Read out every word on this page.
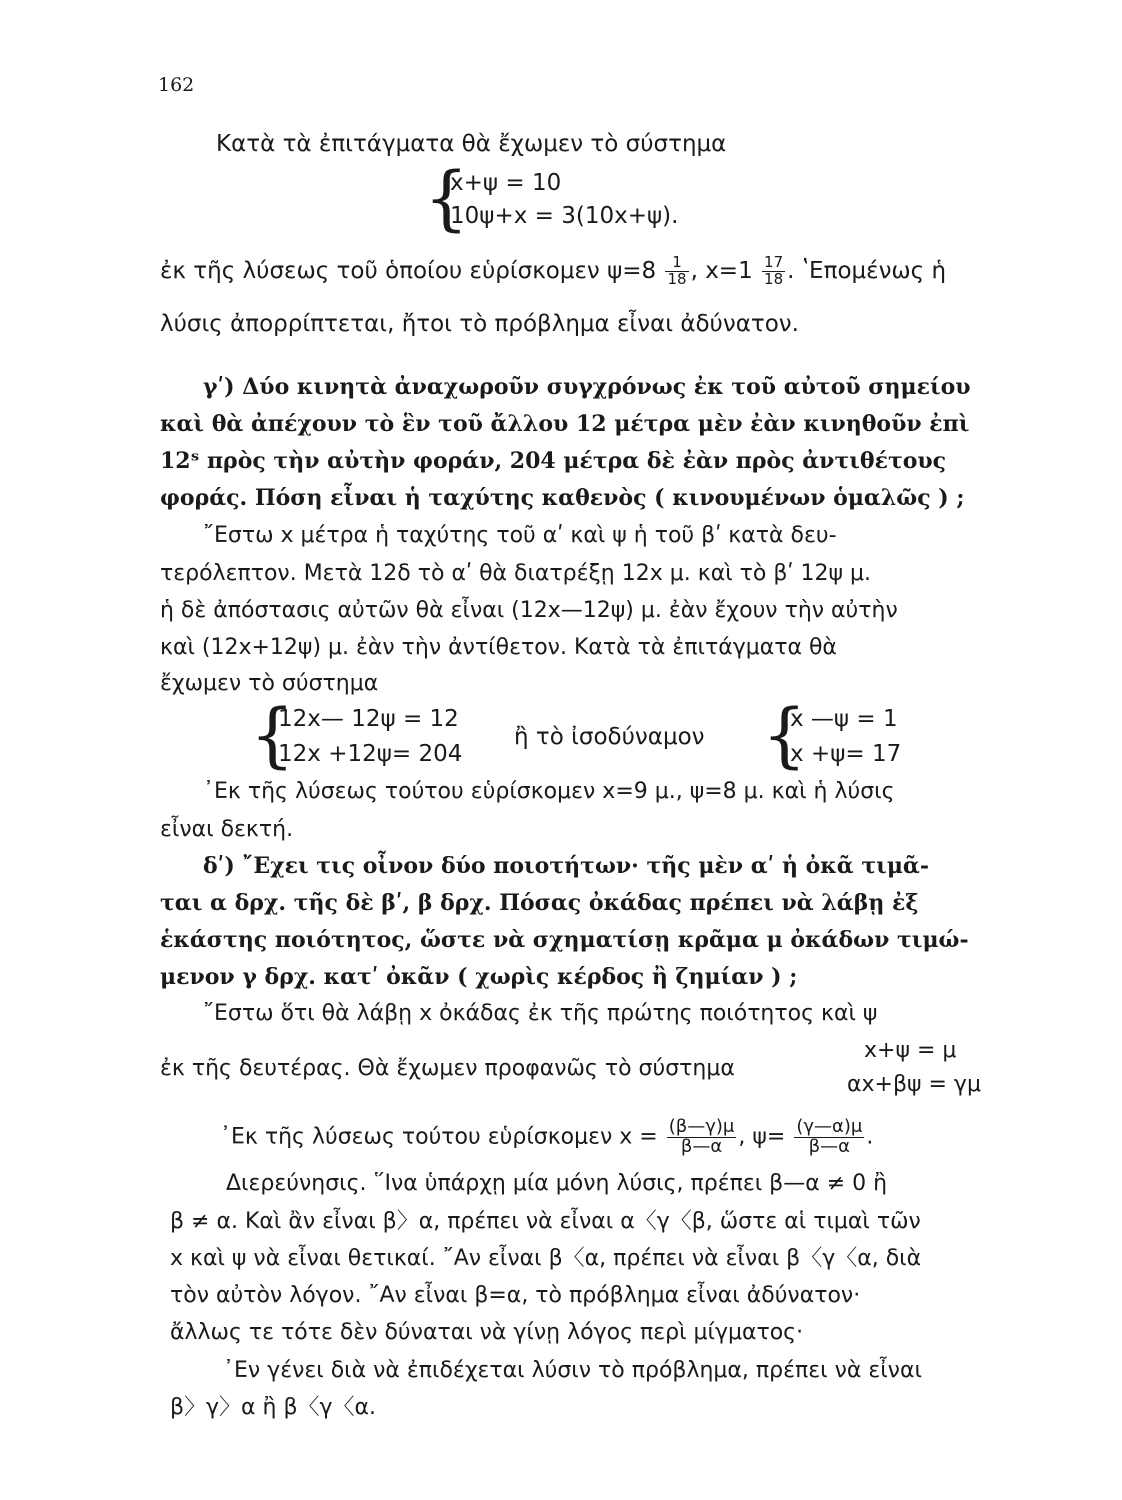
162
Κατὰ τὰ ἐπιτάγματα θὰ ἔχωμεν τὸ σύστημα
{
x+ψ = 10
10ψ+x = 3(10x+ψ).
ἐκ τῆς λύσεως τοῦ ὁποίου εὑρίσκομεν $\psi=8 \frac{1}{18}$ , $x=1 \frac{17}{18}$ . ʽΕπομένως ἡ
λύσις ἀπορρίπτεται, ἤτοι τὸ πρόβλημα εἶναι ἀδύνατον.
γʹ) Δύο κινητὰ ἀναχωροῦν συγχρόνως ἐκ τοῦ αὐτοῦ σημείου
καὶ θὰ ἀπέχουν τὸ ἓν τοῦ ἄλλου 12 μέτρα μὲν ἐὰν κινηθοῦν ἐπὶ
12ˢ πρὸς τὴν αὐτὴν φοράν, 204 μέτρα δὲ ἐὰν πρὸς ἀντιθέτους
φοράς. Πόση εἶναι ἡ ταχύτης καθενὸς ( κινουμένων ὁμαλῶς ) ;
῎Εστω x μέτρα ἡ ταχύτης τοῦ αʹ καὶ ψ ἡ τοῦ βʹ κατὰ δευ-
τερόλεπτον. Μετὰ 12δ τὸ αʹ θὰ διατρέξῃ 12x μ. καὶ τὸ βʹ 12ψ μ.
ἡ δὲ ἀπόστασις αὐτῶν θὰ εἶναι (12x—12ψ) μ. ἐὰν ἔχουν τὴν αὐτὴν
καὶ (12x+12ψ) μ. ἐὰν τὴν ἀντίθετον. Κατὰ τὰ ἐπιτάγματα θὰ
ἔχωμεν τὸ σύστημα
{
12x— 12ψ = 12
12x +12ψ= 204
ἢ τὸ ἰσοδύναμον {
x —ψ = 1
x +ψ= 17
᾿Εκ τῆς λύσεως τούτου εὑρίσκομεν x=9 μ., ψ=8 μ. καὶ ἡ λύσις
εἶναι δεκτή.
δʹ) ῎Εχει τις οἶνον δύο ποιοτήτων· τῆς μὲν αʹ ἡ ὀκᾶ τιμᾶ-
ται α δρχ. τῆς δὲ βʹ, β δρχ. Πόσας ὀκάδας πρέπει νὰ λάβῃ ἐξ
ἑκάστης ποιότητος, ὥστε νὰ σχηματίσῃ κρᾶμα μ ὀκάδων τιμώ-
μενον γ δρχ. κατʹ ὀκᾶν ( χωρὶς κέρδος ἢ ζημίαν ) ;
῎Εστω ὅτι θὰ λάβῃ x ὀκάδας ἐκ τῆς πρώτης ποιότητος καὶ ψ
ἐκ τῆς δευτέρας. Θὰ ἔχωμεν προφανῶς τὸ σύστημα
x+ψ = μ
αx+βψ = γμ
᾿Εκ τῆς λύσεως τούτου εὑρίσκομεν $x = \frac{(\beta—\gamma)\mu}{\beta—\alpha}$ , $\psi= \frac{(\gamma—\alpha)\mu}{\beta—\alpha}$ .
Διερεύνησις. ῞Ινα ὑπάρχῃ μία μόνη λύσις, πρέπει β—α ≠ 0 ἢ
β ≠ α. Καὶ ἂν εἶναι β〉α, πρέπει νὰ εἶναι α〈γ〈β, ὥστε αἱ τιμαὶ τῶν
x καὶ ψ νὰ εἶναι θετικαί. ῎Αν εἶναι β〈α, πρέπει νὰ εἶναι β〈γ〈α, διὰ
τὸν αὐτὸν λόγον. ῎Αν εἶναι β=α, τὸ πρόβλημα εἶναι ἀδύνατον·
ἄλλως τε τότε δὲν δύναται νὰ γίνῃ λόγος περὶ μίγματος·
᾿Εν γένει διὰ νὰ ἐπιδέχεται λύσιν τὸ πρόβλημα, πρέπει νὰ εἶναι
β〉γ〉α ἢ β〈γ〈α.
